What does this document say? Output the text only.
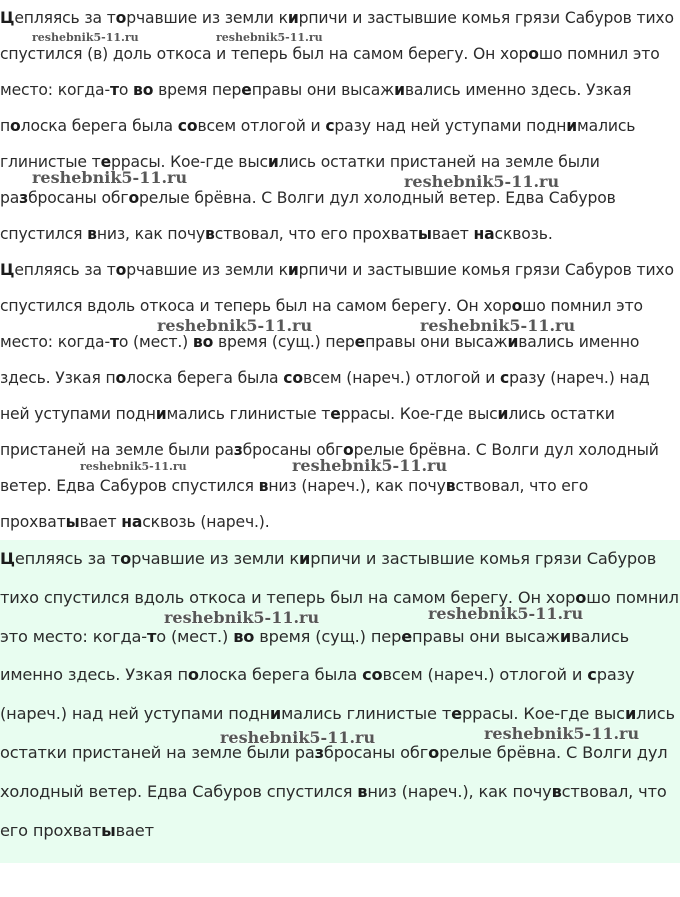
Цепляясь за торчавшие из земли кирпичи и застывшие комья грязи Сабуров тихо спустился (в) доль откоса и теперь был на самом берегу. Он хорошо помнил это место: когда-то во время переправы они высаживались именно здесь. Узкая полоска берега была совсем отлогой и сразу над ней уступами поднимались глинистые террасы. Кое-где высились остатки пристаней на земле были разбросаны обгорелые брёвна. С Волги дул холодный ветер. Едва Сабуров спустился вниз, как почувствовал, что его прохватывает насквозь.

Цепляясь за торчавшие из земли кирпичи и застывшие комья грязи Сабуров тихо спустился вдоль откоса и теперь был на самом берегу. Он хорошо помнил это место: когда-то (мест.) во время (сущ.) переправы они высаживались именно здесь. Узкая полоска берега была совсем (нареч.) отлогой и сразу (нареч.) над ней уступами поднимались глинистые террасы. Кое-где высились остатки пристаней на земле были разбросаны обгорелые брёвна. С Волги дул холодный ветер. Едва Сабуров спустился вниз (нареч.), как почувствовал, что его прохватывает насквозь (нареч.).

Цепляясь за торчавшие из земли кирпичи и застывшие комья грязи Сабуров тихо спустился вдоль откоса и теперь был на самом берегу. Он хорошо помнил это место: когда-то (мест.) во время (сущ.) переправы они высаживались именно здесь. Узкая полоска берега была совсем (нареч.) отлогой и сразу (нареч.) над ней уступами поднимались глинистые террасы. Кое-где высились остатки пристаней на земле были разбросаны обгорелые брёвна. С Волги дул холодный ветер. Едва Сабуров спустился вниз (нареч.), как почувствовал, что его прохватывает

reshebnik5-11.ru	reshebnik5-11.ru
reshebnik5-11.ru	reshebnik5-11.ru
reshebnik5-11.ru	reshebnik5-11.ru
reshebnik5-11.ru	reshebnik5-11.ru
reshebnik5-11.ru	reshebnik5-11.ru
reshebnik5-11.ru	reshebnik5-11.ru
